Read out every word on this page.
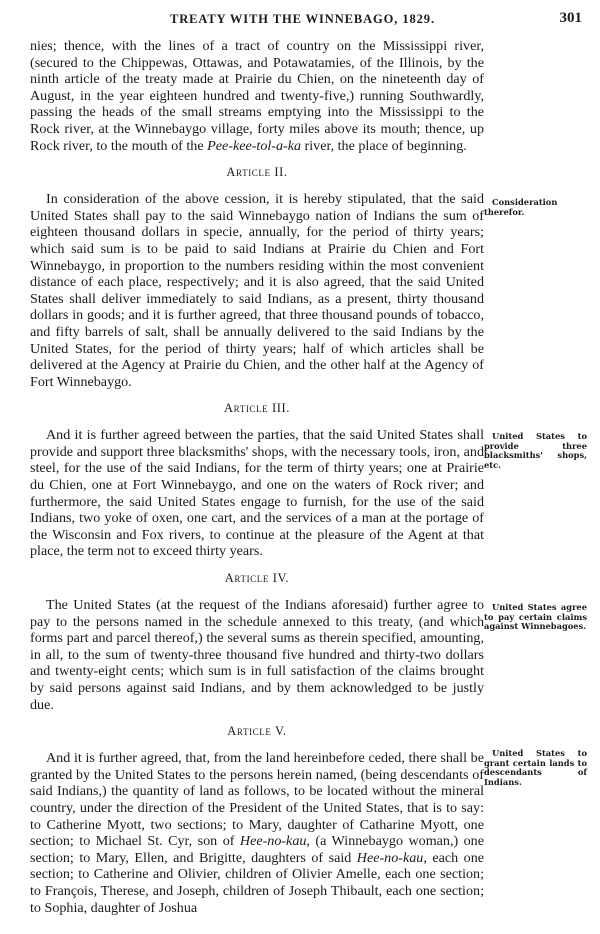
TREATY WITH THE WINNEBAGO, 1829.	301

nies; thence, with the lines of a tract of country on the Mississippi river, (secured to the Chippewas, Ottawas, and Potawatamies, of the Illinois, by the ninth article of the treaty made at Prairie du Chien, on the nineteenth day of August, in the year eighteen hundred and twenty-five,) running Southwardly, passing the heads of the small streams emptying into the Mississippi to the Rock river, at the Winnebaygo village, forty miles above its mouth; thence, up Rock river, to the mouth of the Pee-kee-tol-a-ka river, the place of beginning.

Article II.

In consideration of the above cession, it is hereby stipulated, that the said United States shall pay to the said Winnebaygo nation of Indians the sum of eighteen thousand dollars in specie, annually, for the period of thirty years; which said sum is to be paid to said Indians at Prairie du Chien and Fort Winnebaygo, in proportion to the numbers residing within the most convenient distance of each place, respectively; and it is also agreed, that the said United States shall deliver immediately to said Indians, as a present, thirty thousand dollars in goods; and it is further agreed, that three thousand pounds of tobacco, and fifty barrels of salt, shall be annually delivered to the said Indians by the United States, for the period of thirty years; half of which articles shall be delivered at the Agency at Prairie du Chien, and the other half at the Agency of Fort Winnebaygo.

Article III.

And it is further agreed between the parties, that the said United States shall provide and support three blacksmiths' shops, with the necessary tools, iron, and steel, for the use of the said Indians, for the term of thirty years; one at Prairie du Chien, one at Fort Winnebaygo, and one on the waters of Rock river; and furthermore, the said United States engage to furnish, for the use of the said Indians, two yoke of oxen, one cart, and the services of a man at the portage of the Wisconsin and Fox rivers, to continue at the pleasure of the Agent at that place, the term not to exceed thirty years.

Article IV.

The United States (at the request of the Indians aforesaid) further agree to pay to the persons named in the schedule annexed to this treaty, (and which forms part and parcel thereof,) the several sums as therein specified, amounting, in all, to the sum of twenty-three thousand five hundred and thirty-two dollars and twenty-eight cents; which sum is in full satisfaction of the claims brought by said persons against said Indians, and by them acknowledged to be justly due.

Article V.

And it is further agreed, that, from the land hereinbefore ceded, there shall be granted by the United States to the persons herein named, (being descendants of said Indians,) the quantity of land as follows, to be located without the mineral country, under the direction of the President of the United States, that is to say: to Catherine Myott, two sections; to Mary, daughter of Catharine Myott, one section; to Michael St. Cyr, son of Hee-no-kau, (a Winnebaygo woman,) one section; to Mary, Ellen, and Brigitte, daughters of said Hee-no-kau, each one section; to Catherine and Olivier, children of Olivier Amelle, each one section; to François, Therese, and Joseph, children of Joseph Thibault, each one section; to Sophia, daughter of Joshua

Consideration therefor.
United States to provide three blacksmiths' shops, etc.
United States agree to pay certain claims against Winnebagoes.
United States to grant certain lands to descendants of Indians.
